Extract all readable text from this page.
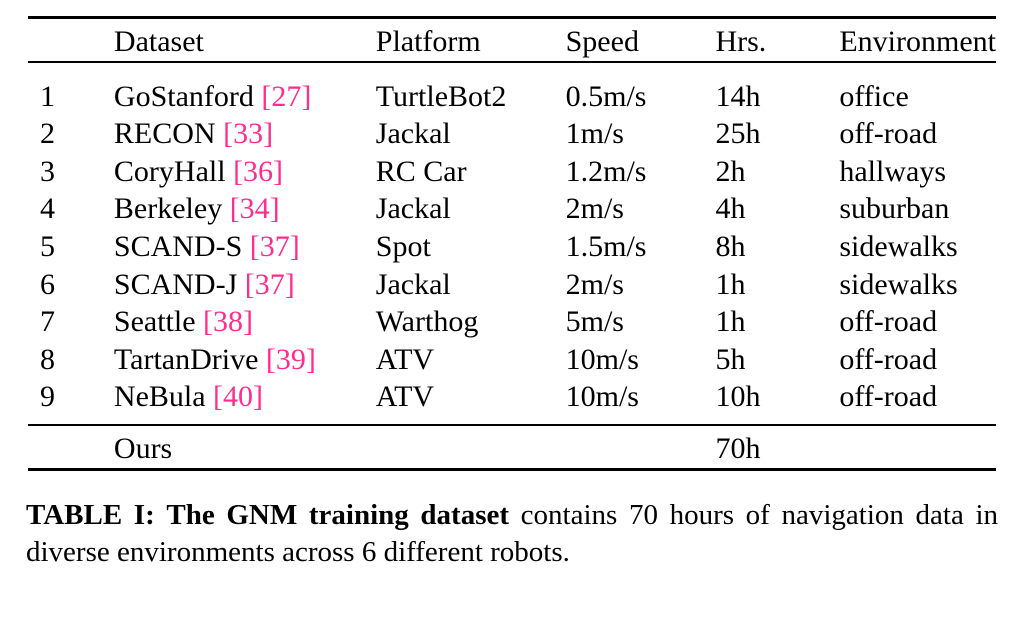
	Dataset	Platform	Speed	Hrs.	Environment

1	GoStanford [27]	TurtleBot2	0.5m/s	14h	office
2	RECON [33]	Jackal	1m/s	25h	off-road
3	CoryHall [36]	RC Car	1.2m/s	2h	hallways
4	Berkeley [34]	Jackal	2m/s	4h	suburban
5	SCAND-S [37]	Spot	1.5m/s	8h	sidewalks
6	SCAND-J [37]	Jackal	2m/s	1h	sidewalks
7	Seattle [38]	Warthog	5m/s	1h	off-road
8	TartanDrive [39]	ATV	10m/s	5h	off-road
9	NeBula [40]	ATV	10m/s	10h	off-road

	Ours			70h	

TABLE I: The GNM training dataset contains 70 hours of navigation data in diverse environments across 6 different robots.
